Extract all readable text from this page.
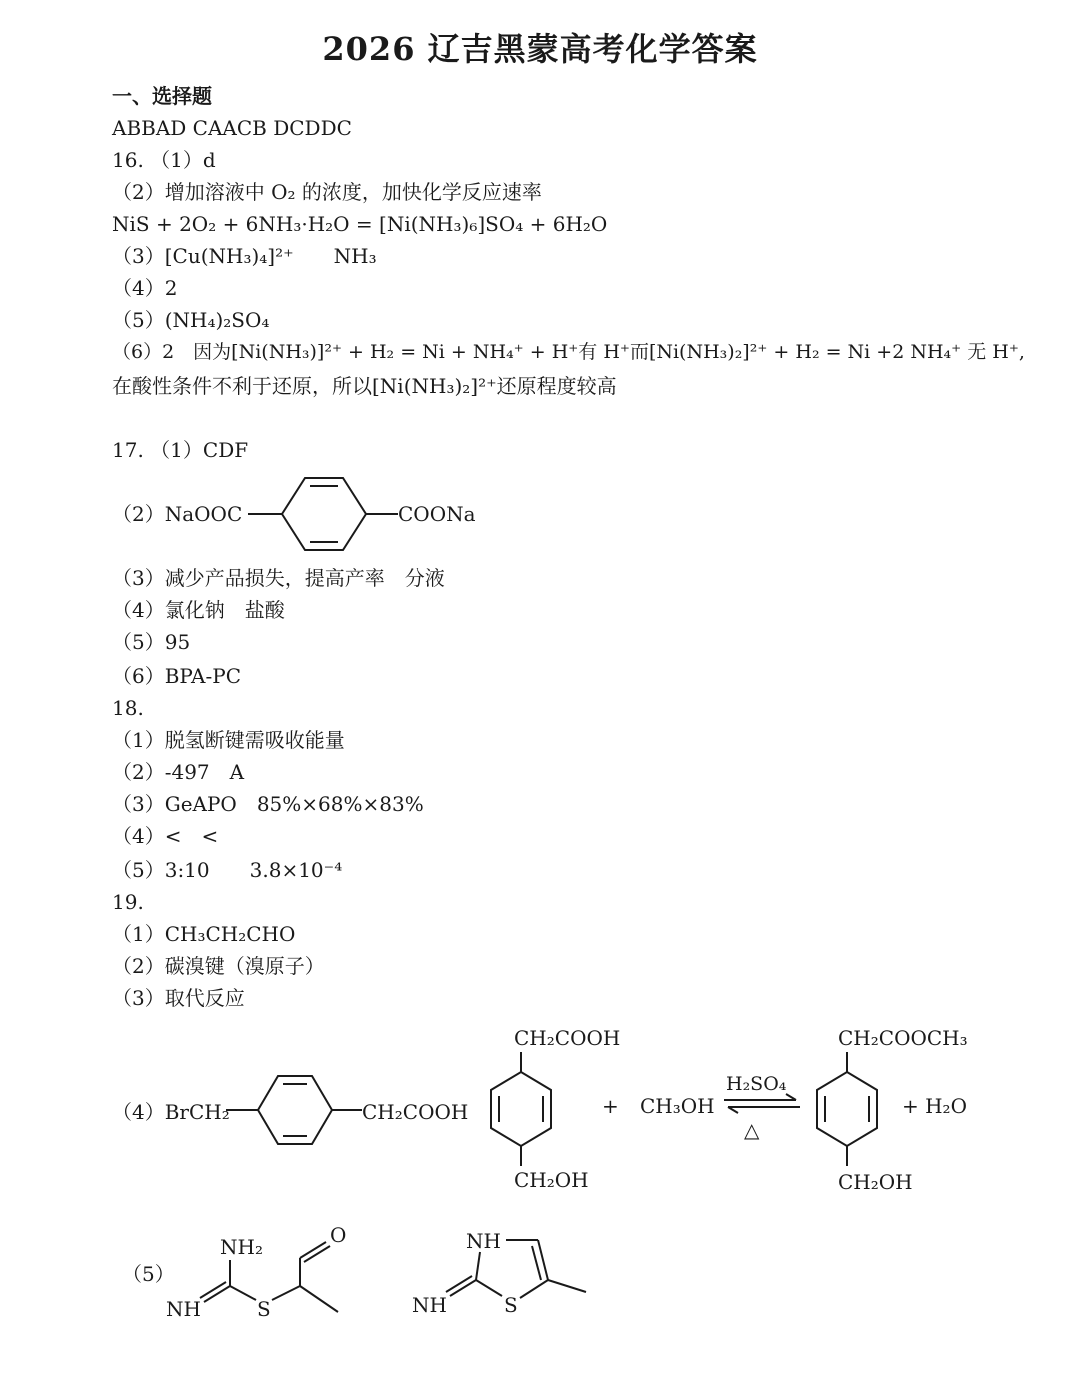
2026 辽吉黑蒙高考化学答案
一、选择题
ABBAD CAACB DCDDC
16. （1）d
（2）增加溶液中 O₂ 的浓度，加快化学反应速率
NiS + 2O₂ + 6NH₃·H₂O = [Ni(NH₃)₆]SO₄ + 6H₂O
（3）[Cu(NH₃)₄]²⁺　　NH₃
（4）2
（5）(NH₄)₂SO₄
（6）2　因为[Ni(NH₃)]²⁺ + H₂ = Ni + NH₄⁺ + H⁺有 H⁺而[Ni(NH₃)₂]²⁺ + H₂ = Ni +2 NH₄⁺ 无 H⁺,
在酸性条件不利于还原，所以[Ni(NH₃)₂]²⁺还原程度较高
17. （1）CDF
（2）NaOOC	COONa
（3）减少产品损失，提高产率　分液
（4）氯化钠　盐酸
（5）95
（6）BPA-PC
18.
（1）脱氢断键需吸收能量
（2）-497　A
（3）GeAPO　85%×68%×83%
（4）<　<
（5）3:10　　3.8×10⁻⁴
19.
（1）CH₃CH₂CHO
（2）碳溴键（溴原子）
（3）取代反应
（4）BrCH₂	CH₂COOH
CH₂COOH
CH₂OH
+ CH₃OH
H₂SO₄
△
CH₂COOCH₃
CH₂OH
+ H₂O
（5）
NH₂
NH	S
O	NH
NH	S
